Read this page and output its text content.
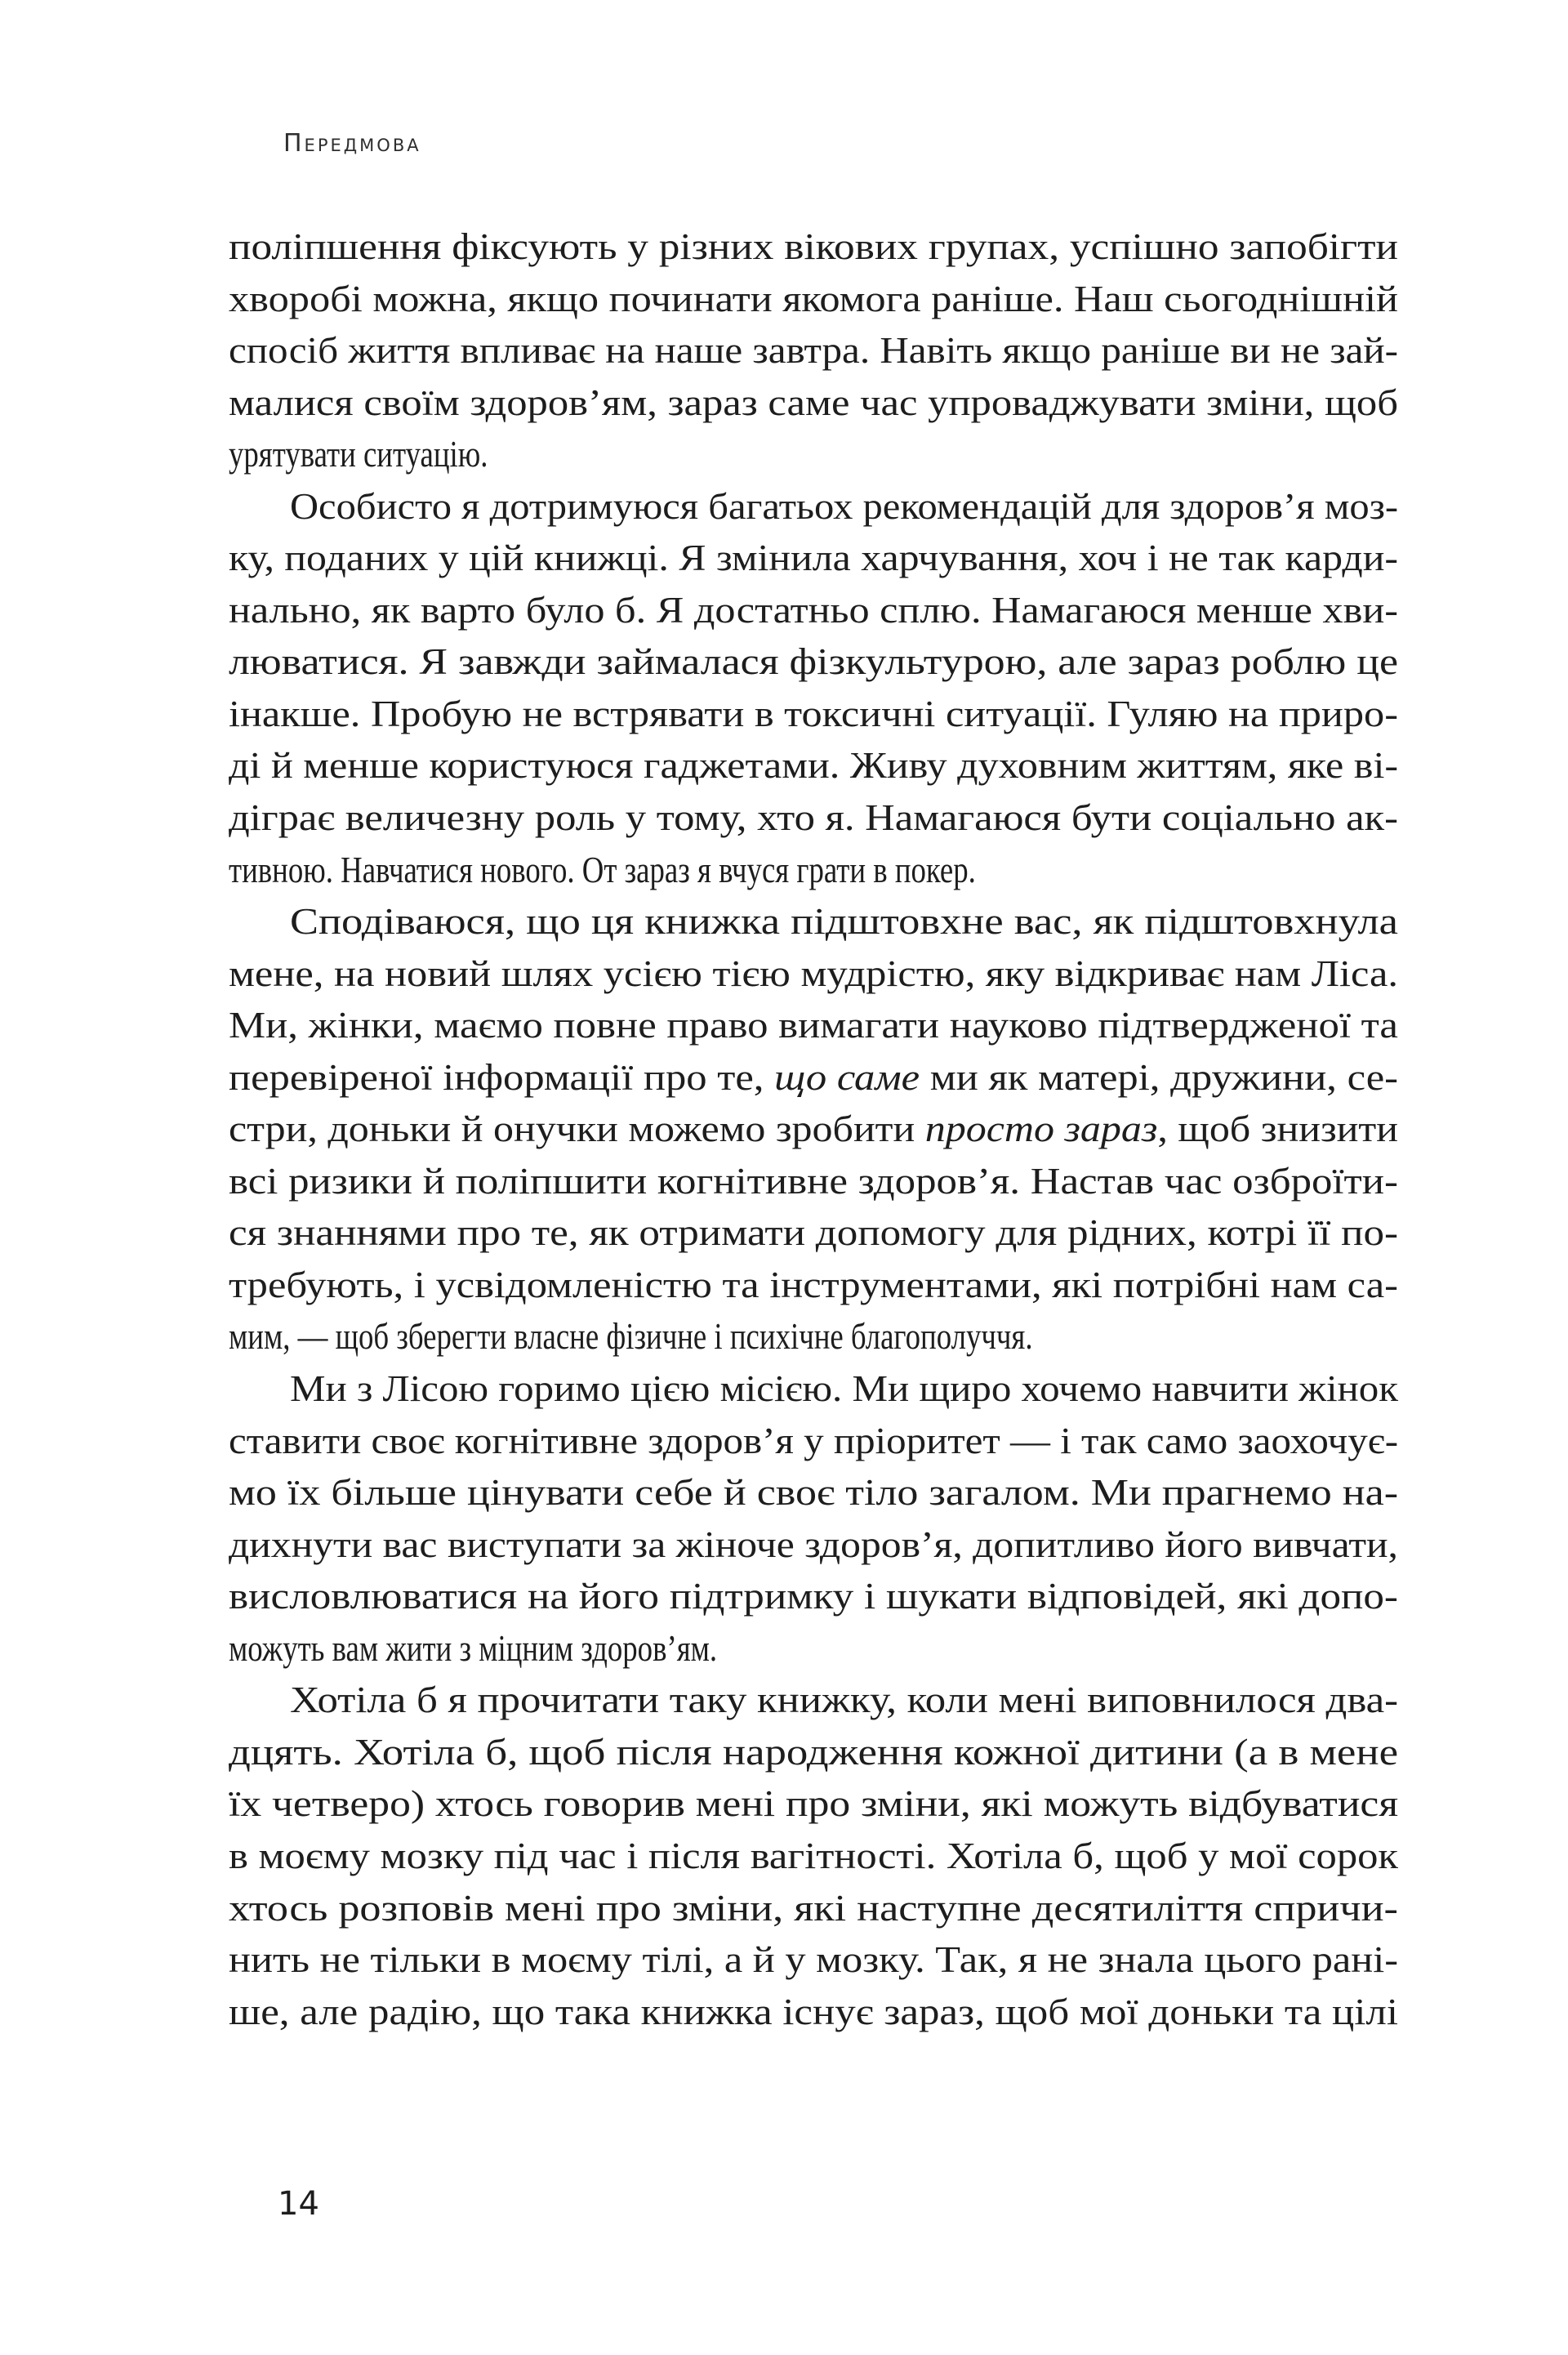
Передмова
поліпшення фіксують у різних вікових групах, успішно запобігти
хворобі можна, якщо починати якомога раніше. Наш сьогоднішній
спосіб життя впливає на наше завтра. Навіть якщо раніше ви не зай-
малися своїм здоров’ям, зараз саме час упроваджувати зміни, щоб
урятувати ситуацію.
Особисто я дотримуюся багатьох рекомендацій для здоров’я моз-
ку, поданих у цій книжці. Я змінила харчування, хоч і не так карди-
нально, як варто було б. Я достатньо сплю. Намагаюся менше хви-
люватися. Я завжди займалася фізкультурою, але зараз роблю це
інакше. Пробую не встрявати в токсичні ситуації. Гуляю на приро-
ді й менше користуюся гаджетами. Живу духовним життям, яке ві-
діграє величезну роль у тому, хто я. Намагаюся бути соціально ак-
тивною. Навчатися нового. От зараз я вчуся грати в покер.
Сподіваюся, що ця книжка підштовхне вас, як підштовхнула
мене, на новий шлях усією тією мудрістю, яку відкриває нам Ліса.
Ми, жінки, маємо повне право вимагати науково підтвердженої та
перевіреної інформації про те, що саме ми як матері, дружини, се-
стри, доньки й онучки можемо зробити просто зараз, щоб знизити
всі ризики й поліпшити когнітивне здоров’я. Настав час озброїти-
ся знаннями про те, як отримати допомогу для рідних, котрі її по-
требують, і усвідомленістю та інструментами, які потрібні нам са-
мим, — щоб зберегти власне фізичне і психічне благополуччя.
Ми з Лісою горимо цією місією. Ми щиро хочемо навчити жінок
ставити своє когнітивне здоров’я у пріоритет — і так само заохочує-
мо їх більше цінувати себе й своє тіло загалом. Ми прагнемо на-
дихнути вас виступати за жіноче здоров’я, допитливо його вивчати,
висловлюватися на його підтримку і шукати відповідей, які допо-
можуть вам жити з міцним здоров’ям.
Хотіла б я прочитати таку книжку, коли мені виповнилося два-
дцять. Хотіла б, щоб після народження кожної дитини (а в мене
їх четверо) хтось говорив мені про зміни, які можуть відбуватися
в моєму мозку під час і після вагітності. Хотіла б, щоб у мої сорок
хтось розповів мені про зміни, які наступне десятиліття спричи-
нить не тільки в моєму тілі, а й у мозку. Так, я не знала цього рані-
ше, але радію, що така книжка існує зараз, щоб мої доньки та цілі
14
